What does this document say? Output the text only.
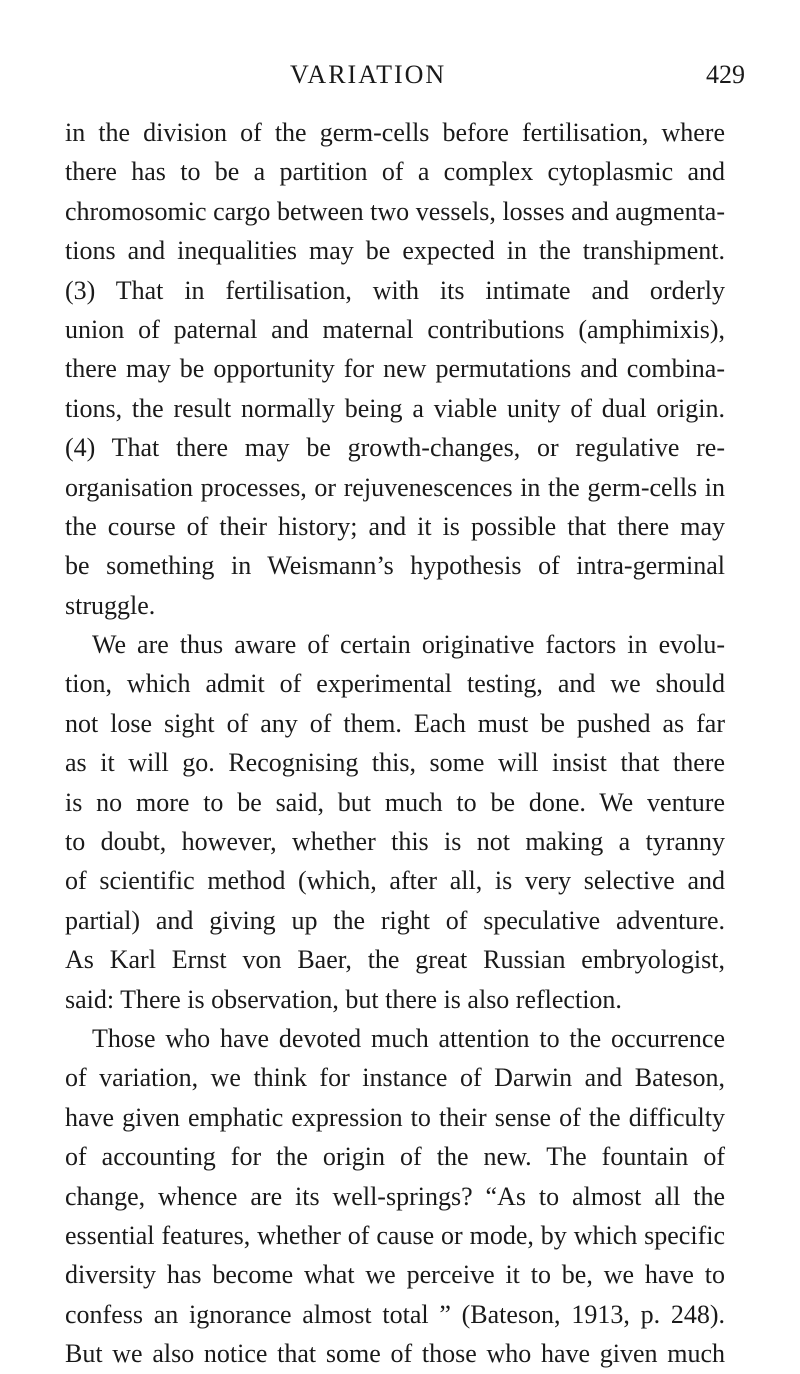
VARIATION	429
in the division of the germ-cells before fertilisation, where
there has to be a partition of a complex cytoplasmic and
chromosomic cargo between two vessels, losses and augmenta-
tions and inequalities may be expected in the transhipment.
(3) That in fertilisation, with its intimate and orderly
union of paternal and maternal contributions (amphimixis),
there may be opportunity for new permutations and combina-
tions, the result normally being a viable unity of dual origin.
(4) That there may be growth-changes, or regulative re-
organisation processes, or rejuvenescences in the germ-cells in
the course of their history; and it is possible that there may
be something in Weismann’s hypothesis of intra-germinal
struggle.
We are thus aware of certain originative factors in evolu-
tion, which admit of experimental testing, and we should
not lose sight of any of them. Each must be pushed as far
as it will go. Recognising this, some will insist that there
is no more to be said, but much to be done. We venture
to doubt, however, whether this is not making a tyranny
of scientific method (which, after all, is very selective and
partial) and giving up the right of speculative adventure.
As Karl Ernst von Baer, the great Russian embryologist,
said: There is observation, but there is also reflection.
Those who have devoted much attention to the occurrence
of variation, we think for instance of Darwin and Bateson,
have given emphatic expression to their sense of the difficulty
of accounting for the origin of the new. The fountain of
change, whence are its well-springs? “As to almost all the
essential features, whether of cause or mode, by which specific
diversity has become what we perceive it to be, we have to
confess an ignorance almost total ” (Bateson, 1913, p. 248).
But we also notice that some of those who have given much
